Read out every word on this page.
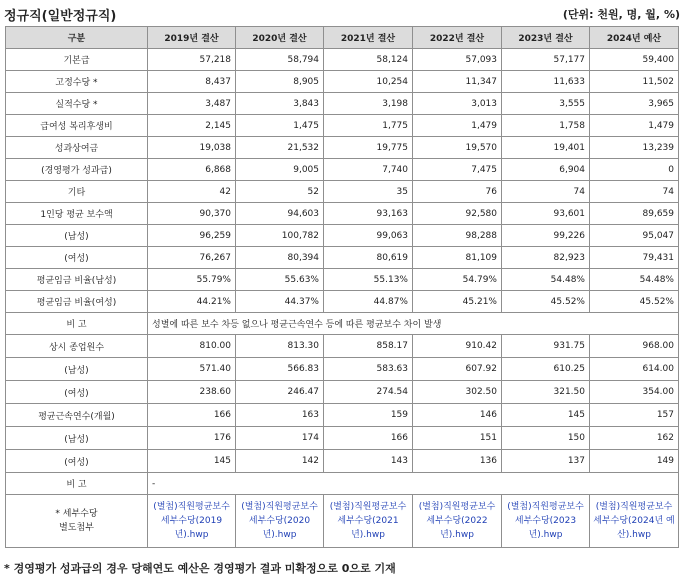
정규직(일반정규직)	(단위: 천원, 명, 월, %)
구분	2019년 결산	2020년 결산	2021년 결산	2022년 결산	2023년 결산	2024년 예산
기본급	57,218	58,794	58,124	57,093	57,177	59,400
고정수당 *	8,437	8,905	10,254	11,347	11,633	11,502
실적수당 *	3,487	3,843	3,198	3,013	3,555	3,965
급여성 복리후생비	2,145	1,475	1,775	1,479	1,758	1,479
성과상여금	19,038	21,532	19,775	19,570	19,401	13,239
(경영평가 성과급)	6,868	9,005	7,740	7,475	6,904	0
기타	42	52	35	76	74	74
1인당 평균 보수액	90,370	94,603	93,163	92,580	93,601	89,659
(남성)	96,259	100,782	99,063	98,288	99,226	95,047
(여성)	76,267	80,394	80,619	81,109	82,923	79,431
평균임금 비율(남성)	55.79%	55.63%	55.13%	54.79%	54.48%	54.48%
평균임금 비율(여성)	44.21%	44.37%	44.87%	45.21%	45.52%	45.52%
비 고	성별에 따른 보수 차등 없으나 평균근속연수 등에 따른 평균보수 차이 발생					
상시 종업원수	810.00	813.30	858.17	910.42	931.75	968.00
(남성)	571.40	566.83	583.63	607.92	610.25	614.00
(여성)	238.60	246.47	274.54	302.50	321.50	354.00
평균근속연수(개월)	166	163	159	146	145	157
(남성)	176	174	166	151	150	162
(여성)	145	142	143	136	137	149
비 고	-					
* 세부수당
별도첨부	(별첨)직원평균보수 세부수당(2019년).hwp	(별첨)직원평균보수 세부수당(2020년).hwp	(별첨)직원평균보수 세부수당(2021년).hwp	(별첨)직원평균보수 세부수당(2022년).hwp	(별첨)직원평균보수 세부수당(2023년).hwp	(별첨)직원평균보수 세부수당(2024년 예산).hwp
* 경영평가 성과급의 경우 당해연도 예산은 경영평가 결과 미확정으로 0으로 기재
